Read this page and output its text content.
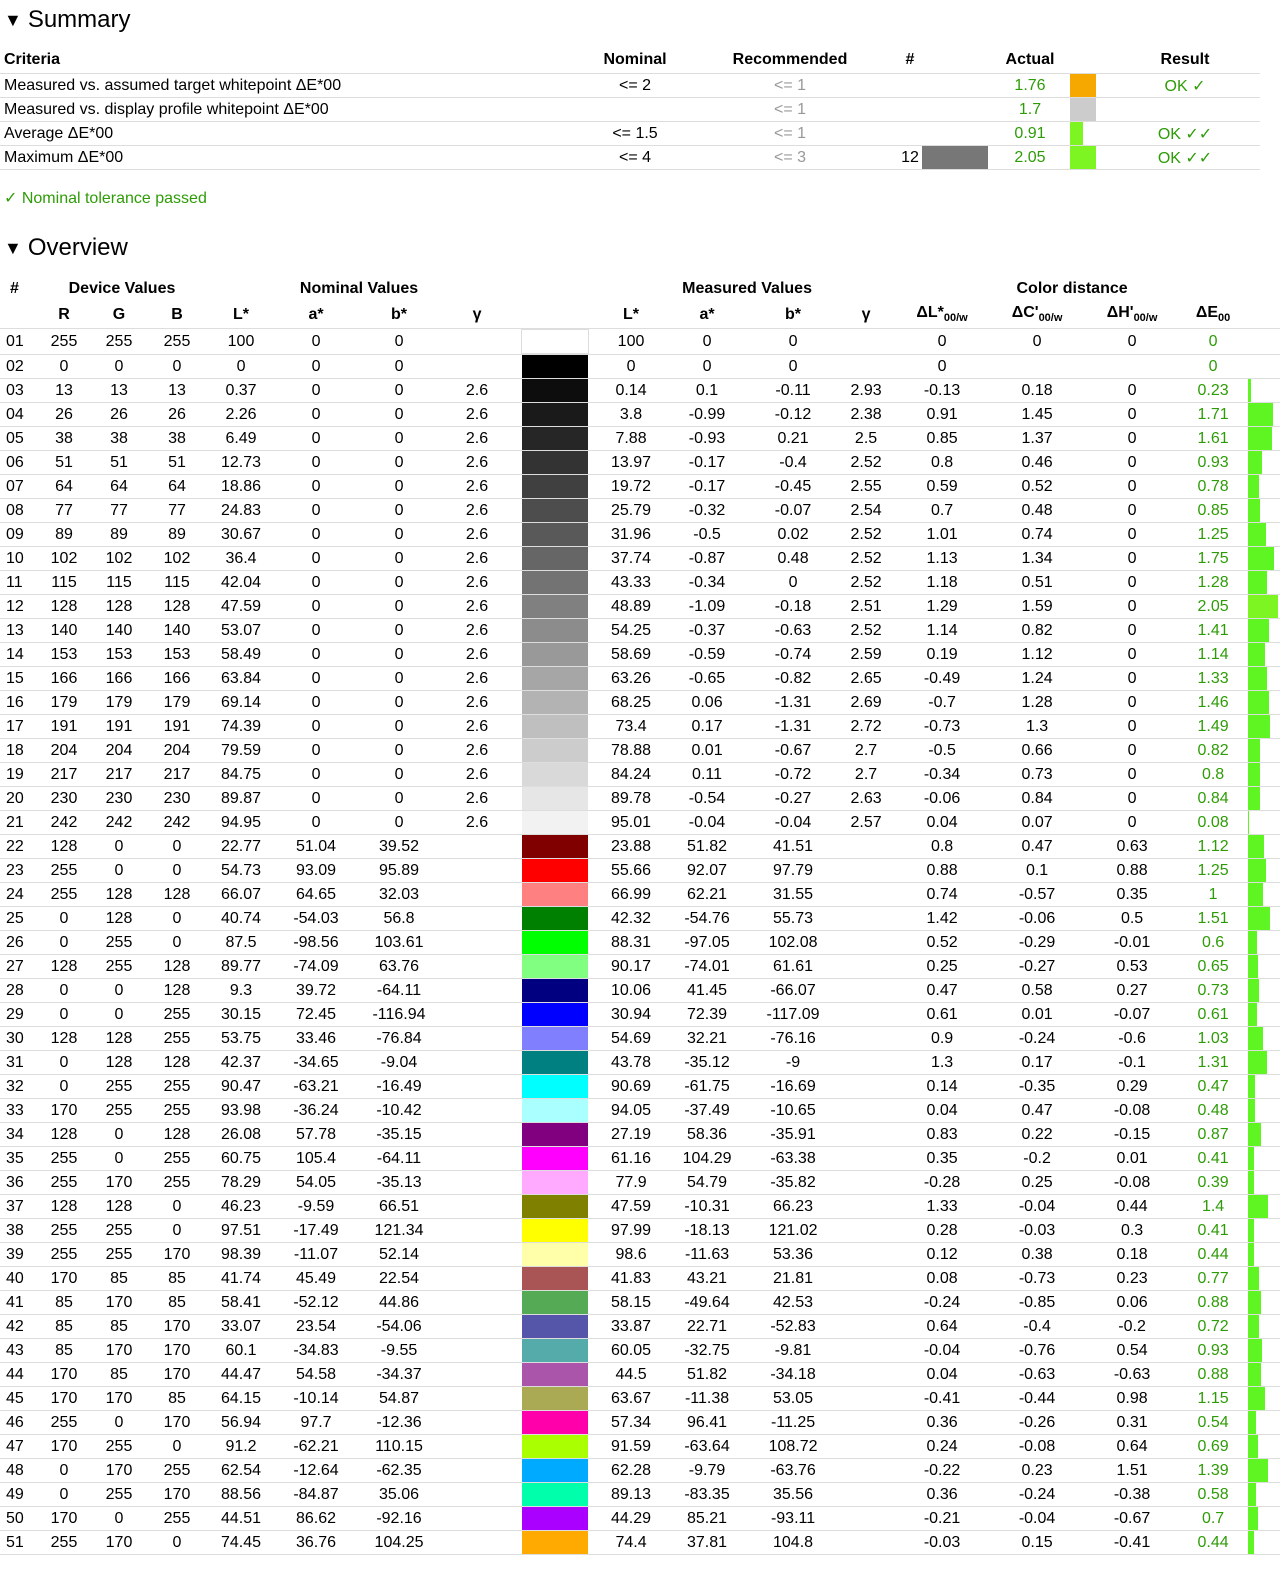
▼ Summary
Criteria	Nominal	Recommended	#		Actual		Result
Measured vs. assumed target whitepoint ΔE*00	<= 2	<= 1			1.76		OK ✓
Measured vs. display profile whitepoint ΔE*00		<= 1			1.7		
Average ΔE*00	<= 1.5	<= 1			0.91		OK ✓✓
Maximum ΔE*00	<= 4	<= 3	12		2.05		OK ✓✓
✓ Nominal tolerance passed
▼ Overview
#	Device Values			Nominal Values					Measured Values				Color distance				
	R	G	B	L*	a*	b*	γ		L*	a*	b*	γ	$\Delta L*_{00/w}$	$\Delta C'_{00/w}$	$\Delta H'_{00/w}$	$\Delta E_{00}$	
01	255	255	255	100	0	0			100	0	0		0	0	0	0	
02	0	0	0	0	0	0			0	0	0		0			0	
03	13	13	13	0.37	0	0	2.6		0.14	0.1	-0.11	2.93	-0.13	0.18	0	0.23	

04	26	26	26	2.26	0	0	2.6		3.8	-0.99	-0.12	2.38	0.91	1.45	0	1.71	

05	38	38	38	6.49	0	0	2.6		7.88	-0.93	0.21	2.5	0.85	1.37	0	1.61	

06	51	51	51	12.73	0	0	2.6		13.97	-0.17	-0.4	2.52	0.8	0.46	0	0.93	

07	64	64	64	18.86	0	0	2.6		19.72	-0.17	-0.45	2.55	0.59	0.52	0	0.78	

08	77	77	77	24.83	0	0	2.6		25.79	-0.32	-0.07	2.54	0.7	0.48	0	0.85	

09	89	89	89	30.67	0	0	2.6		31.96	-0.5	0.02	2.52	1.01	0.74	0	1.25	

10	102	102	102	36.4	0	0	2.6		37.74	-0.87	0.48	2.52	1.13	1.34	0	1.75	

11	115	115	115	42.04	0	0	2.6		43.33	-0.34	0	2.52	1.18	0.51	0	1.28	

12	128	128	128	47.59	0	0	2.6		48.89	-1.09	-0.18	2.51	1.29	1.59	0	2.05	

13	140	140	140	53.07	0	0	2.6		54.25	-0.37	-0.63	2.52	1.14	0.82	0	1.41	

14	153	153	153	58.49	0	0	2.6		58.69	-0.59	-0.74	2.59	0.19	1.12	0	1.14	

15	166	166	166	63.84	0	0	2.6		63.26	-0.65	-0.82	2.65	-0.49	1.24	0	1.33	

16	179	179	179	69.14	0	0	2.6		68.25	0.06	-1.31	2.69	-0.7	1.28	0	1.46	

17	191	191	191	74.39	0	0	2.6		73.4	0.17	-1.31	2.72	-0.73	1.3	0	1.49	

18	204	204	204	79.59	0	0	2.6		78.88	0.01	-0.67	2.7	-0.5	0.66	0	0.82	

19	217	217	217	84.75	0	0	2.6		84.24	0.11	-0.72	2.7	-0.34	0.73	0	0.8	

20	230	230	230	89.87	0	0	2.6		89.78	-0.54	-0.27	2.63	-0.06	0.84	0	0.84	

21	242	242	242	94.95	0	0	2.6		95.01	-0.04	-0.04	2.57	0.04	0.07	0	0.08	

22	128	0	0	22.77	51.04	39.52			23.88	51.82	41.51		0.8	0.47	0.63	1.12	

23	255	0	0	54.73	93.09	95.89			55.66	92.07	97.79		0.88	0.1	0.88	1.25	

24	255	128	128	66.07	64.65	32.03			66.99	62.21	31.55		0.74	-0.57	0.35	1	

25	0	128	0	40.74	-54.03	56.8			42.32	-54.76	55.73		1.42	-0.06	0.5	1.51	

26	0	255	0	87.5	-98.56	103.61			88.31	-97.05	102.08		0.52	-0.29	-0.01	0.6	

27	128	255	128	89.77	-74.09	63.76			90.17	-74.01	61.61		0.25	-0.27	0.53	0.65	

28	0	0	128	9.3	39.72	-64.11			10.06	41.45	-66.07		0.47	0.58	0.27	0.73	

29	0	0	255	30.15	72.45	-116.94			30.94	72.39	-117.09		0.61	0.01	-0.07	0.61	

30	128	128	255	53.75	33.46	-76.84			54.69	32.21	-76.16		0.9	-0.24	-0.6	1.03	

31	0	128	128	42.37	-34.65	-9.04			43.78	-35.12	-9		1.3	0.17	-0.1	1.31	

32	0	255	255	90.47	-63.21	-16.49			90.69	-61.75	-16.69		0.14	-0.35	0.29	0.47	

33	170	255	255	93.98	-36.24	-10.42			94.05	-37.49	-10.65		0.04	0.47	-0.08	0.48	

34	128	0	128	26.08	57.78	-35.15			27.19	58.36	-35.91		0.83	0.22	-0.15	0.87	

35	255	0	255	60.75	105.4	-64.11			61.16	104.29	-63.38		0.35	-0.2	0.01	0.41	

36	255	170	255	78.29	54.05	-35.13			77.9	54.79	-35.82		-0.28	0.25	-0.08	0.39	

37	128	128	0	46.23	-9.59	66.51			47.59	-10.31	66.23		1.33	-0.04	0.44	1.4	

38	255	255	0	97.51	-17.49	121.34			97.99	-18.13	121.02		0.28	-0.03	0.3	0.41	

39	255	255	170	98.39	-11.07	52.14			98.6	-11.63	53.36		0.12	0.38	0.18	0.44	

40	170	85	85	41.74	45.49	22.54			41.83	43.21	21.81		0.08	-0.73	0.23	0.77	

41	85	170	85	58.41	-52.12	44.86			58.15	-49.64	42.53		-0.24	-0.85	0.06	0.88	

42	85	85	170	33.07	23.54	-54.06			33.87	22.71	-52.83		0.64	-0.4	-0.2	0.72	

43	85	170	170	60.1	-34.83	-9.55			60.05	-32.75	-9.81		-0.04	-0.76	0.54	0.93	

44	170	85	170	44.47	54.58	-34.37			44.5	51.82	-34.18		0.04	-0.63	-0.63	0.88	

45	170	170	85	64.15	-10.14	54.87			63.67	-11.38	53.05		-0.41	-0.44	0.98	1.15	

46	255	0	170	56.94	97.7	-12.36			57.34	96.41	-11.25		0.36	-0.26	0.31	0.54	

47	170	255	0	91.2	-62.21	110.15			91.59	-63.64	108.72		0.24	-0.08	0.64	0.69	

48	0	170	255	62.54	-12.64	-62.35			62.28	-9.79	-63.76		-0.22	0.23	1.51	1.39	

49	0	255	170	88.56	-84.87	35.06			89.13	-83.35	35.56		0.36	-0.24	-0.38	0.58	

50	170	0	255	44.51	86.62	-92.16			44.29	85.21	-93.11		-0.21	-0.04	-0.67	0.7	

51	255	170	0	74.45	36.76	104.25			74.4	37.81	104.8		-0.03	0.15	-0.41	0.44	
